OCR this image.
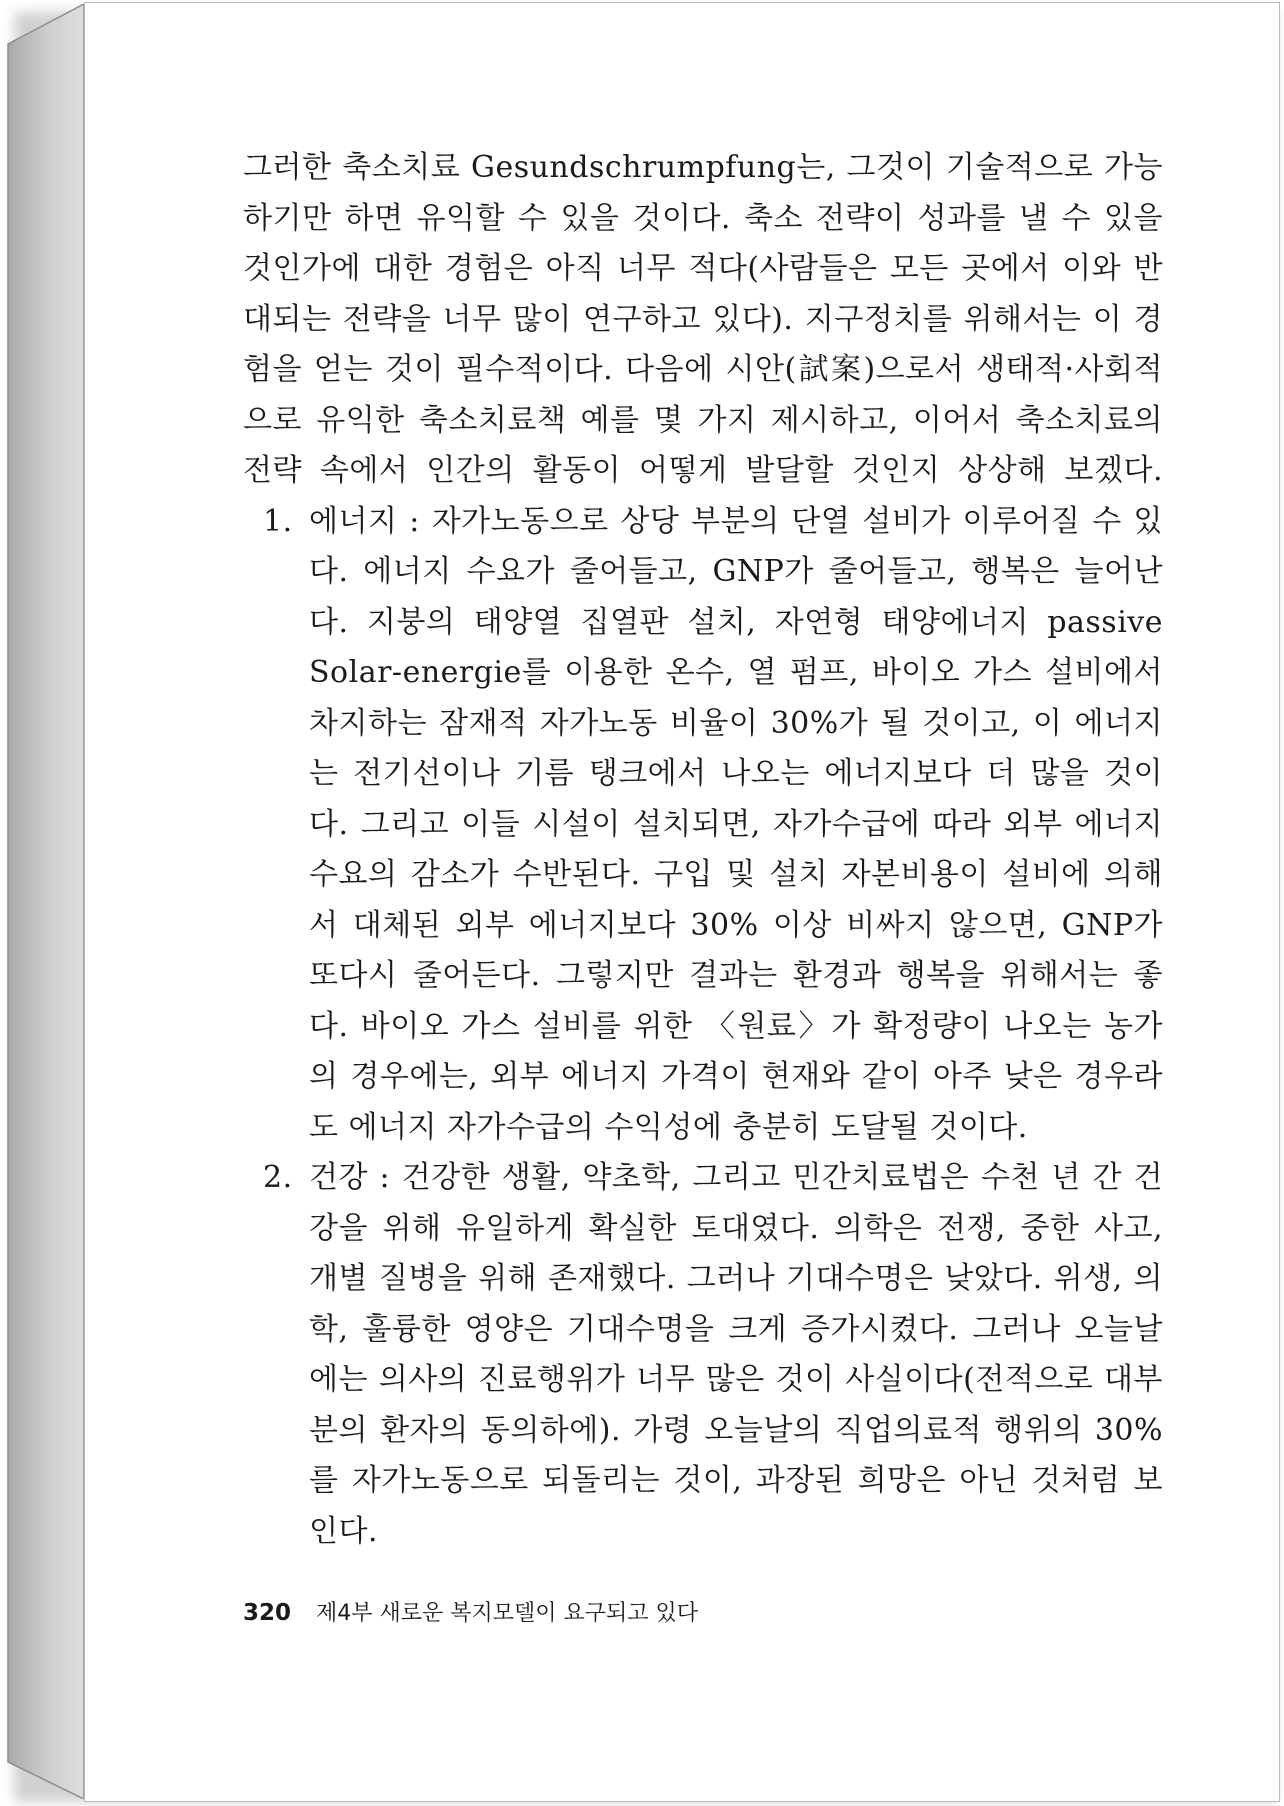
그러한 축소치료 Gesundschrumpfung는, 그것이 기술적으로 가능하기만 하면 유익할 수 있을 것이다. 축소 전략이 성과를 낼 수 있을 것인가에 대한 경험은 아직 너무 적다(사람들은 모든 곳에서 이와 반대되는 전략을 너무 많이 연구하고 있다). 지구정치를 위해서는 이 경험을 얻는 것이 필수적이다. 다음에 시안(試案)으로서 생태적·사회적으로 유익한 축소치료책 예를 몇 가지 제시하고, 이어서 축소치료의 전략 속에서 인간의 활동이 어떻게 발달할 것인지 상상해 보겠다.

1. 에너지 : 자가노동으로 상당 부분의 단열 설비가 이루어질 수 있다. 에너지 수요가 줄어들고, GNP가 줄어들고, 행복은 늘어난다. 지붕의 태양열 집열판 설치, 자연형 태양에너지 passive Solar-energie를 이용한 온수, 열 펌프, 바이오 가스 설비에서 차지하는 잠재적 자가노동 비율이 30%가 될 것이고, 이 에너지는 전기선이나 기름 탱크에서 나오는 에너지보다 더 많을 것이다. 그리고 이들 시설이 설치되면, 자가수급에 따라 외부 에너지 수요의 감소가 수반된다. 구입 및 설치 자본비용이 설비에 의해서 대체된 외부 에너지보다 30% 이상 비싸지 않으면, GNP가 또다시 줄어든다. 그렇지만 결과는 환경과 행복을 위해서는 좋다. 바이오 가스 설비를 위한 〈원료〉가 확정량이 나오는 농가의 경우에는, 외부 에너지 가격이 현재와 같이 아주 낮은 경우라도 에너지 자가수급의 수익성에 충분히 도달될 것이다.
2. 건강 : 건강한 생활, 약초학, 그리고 민간치료법은 수천 년 간 건강을 위해 유일하게 확실한 토대였다. 의학은 전쟁, 중한 사고, 개별 질병을 위해 존재했다. 그러나 기대수명은 낮았다. 위생, 의학, 훌륭한 영양은 기대수명을 크게 증가시켰다. 그러나 오늘날에는 의사의 진료행위가 너무 많은 것이 사실이다(전적으로 대부분의 환자의 동의하에). 가령 오늘날의 직업의료적 행위의 30%를 자가노동으로 되돌리는 것이, 과장된 희망은 아닌 것처럼 보인다.
320 제4부 새로운 복지모델이 요구되고 있다
